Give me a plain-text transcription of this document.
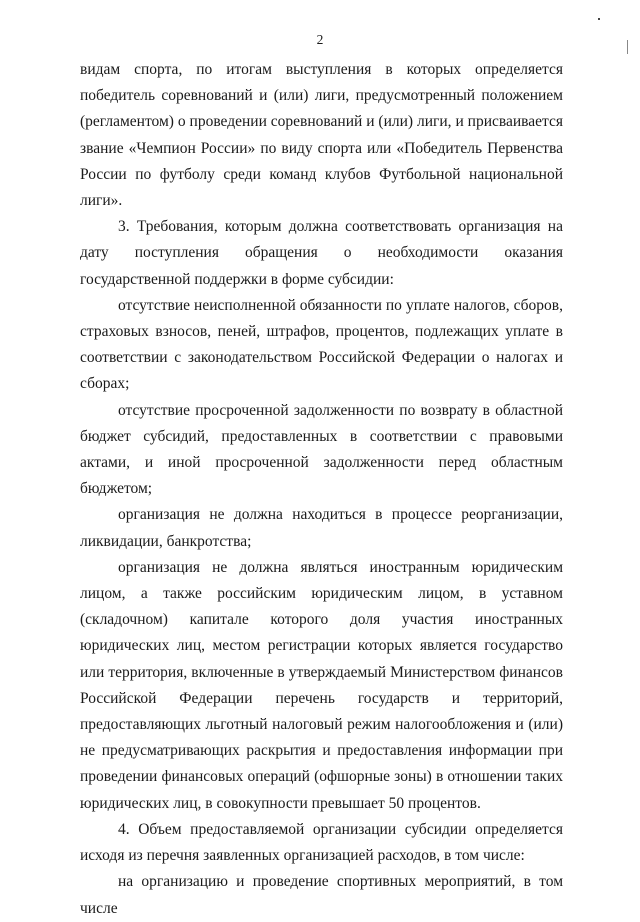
2

видам спорта, по итогам выступления в которых определяется победитель соревнований и (или) лиги, предусмотренный положением (регламентом) о проведении соревнований и (или) лиги, и присваивается звание «Чемпион России» по виду спорта или «Победитель Первенства России по футболу среди команд клубов Футбольной национальной лиги».

3. Требования, которым должна соответствовать организация на дату поступления обращения о необходимости оказания государственной поддержки в форме субсидии:

отсутствие неисполненной обязанности по уплате налогов, сборов, страховых взносов, пеней, штрафов, процентов, подлежащих уплате в соответствии с законодательством Российской Федерации о налогах и сборах;

отсутствие просроченной задолженности по возврату в областной бюджет субсидий, предоставленных в соответствии с правовыми актами, и иной просроченной задолженности перед областным бюджетом;

организация не должна находиться в процессе реорганизации, ликвидации, банкротства;

организация не должна являться иностранным юридическим лицом, а также российским юридическим лицом, в уставном (складочном) капитале которого доля участия иностранных юридических лиц, местом регистрации которых является государство или территория, включенные в утверждаемый Министерством финансов Российской Федерации перечень государств и территорий, предоставляющих льготный налоговый режим налогообложения и (или) не предусматривающих раскрытия и предоставления информации при проведении финансовых операций (офшорные зоны) в отношении таких юридических лиц, в совокупности превышает 50 процентов.

4. Объем предоставляемой организации субсидии определяется исходя из перечня заявленных организацией расходов, в том числе:

на организацию и проведение спортивных мероприятий, в том числе
